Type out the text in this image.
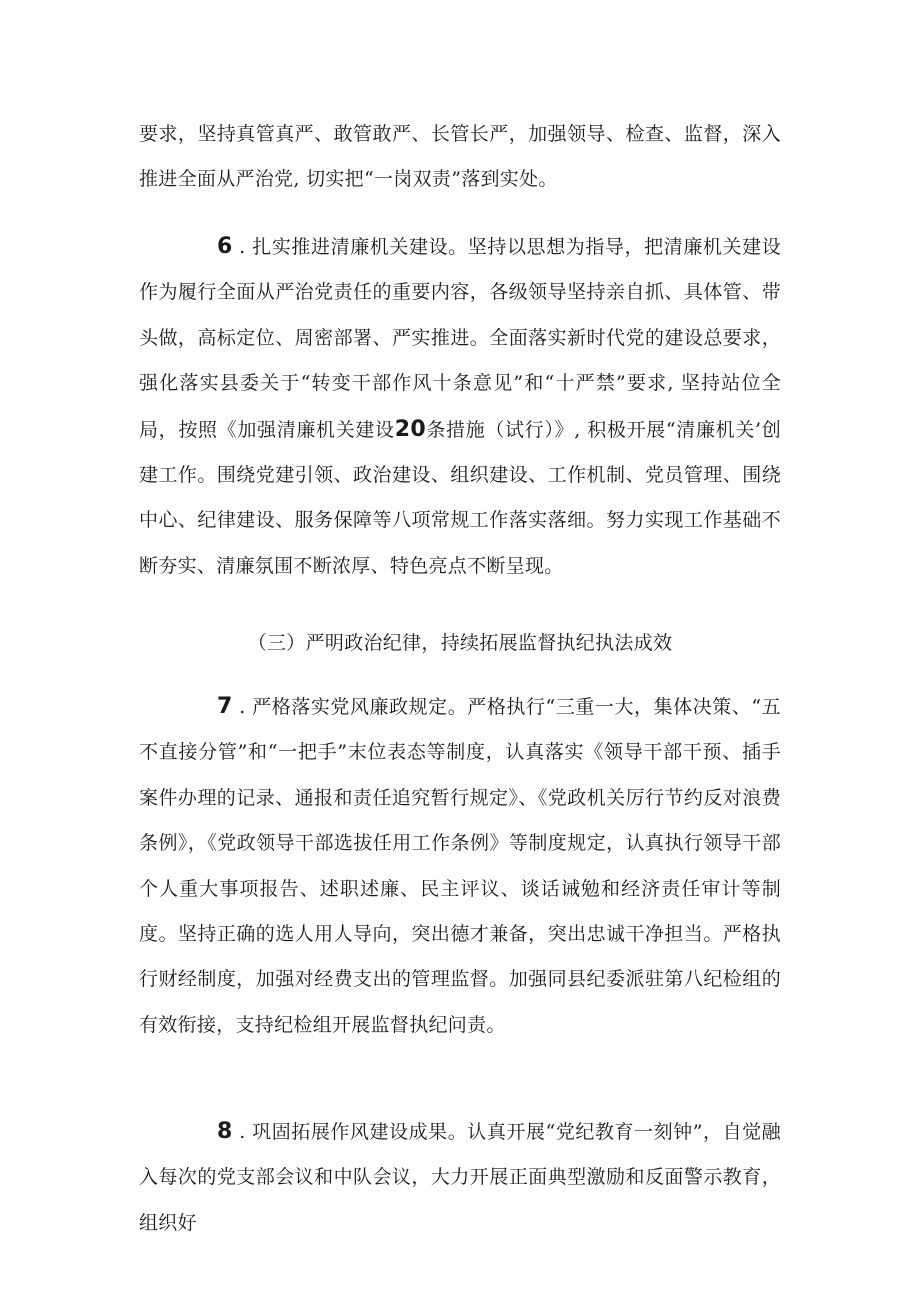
要求，坚持真管真严、敢管敢严、长管长严，加强领导、检查、监督，深入推进全面从严治党, 切实把“一岗双责”落到实处。

6 . 扎实推进清廉机关建设。坚持以思想为指导，把清廉机关建设作为履行全面从严治党责任的重要内容，各级领导坚持亲自抓、具体管、带头做，高标定位、周密部署、严实推进。全面落实新时代党的建设总要求，强化落实县委关于“转变干部作风十条意见”和“十严禁”要求, 坚持站位全局，按照《加强清廉机关建设20条措施（试行）》, 积极开展“清廉机关’创建工作。围绕党建引领、政治建设、组织建设、工作机制、党员管理、围绕中心、纪律建设、服务保障等八项常规工作落实落细。努力实现工作基础不断夯实、清廉氛围不断浓厚、特色亮点不断呈现。

（三）严明政治纪律，持续拓展监督执纪执法成效

7 . 严格落实党风廉政规定。严格执行“三重一大，集体决策、“五不直接分管”和“一把手”末位表态等制度，认真落实《领导干部干预、插手案件办理的记录、通报和责任追究暂行规定》、《党政机关厉行节约反对浪费条例》，《党政领导干部选拔任用工作条例》等制度规定，认真执行领导干部个人重大事项报告、述职述廉、民主评议、谈话诫勉和经济责任审计等制度。坚持正确的选人用人导向，突出德才兼备，突出忠诚干净担当。严格执行财经制度，加强对经费支出的管理监督。加强同县纪委派驻第八纪检组的有效衔接，支持纪检组开展监督执纪问责。

8 . 巩固拓展作风建设成果。认真开展“党纪教育一刻钟”，自觉融入每次的党支部会议和中队会议，大力开展正面典型激励和反面警示教育，组织好
